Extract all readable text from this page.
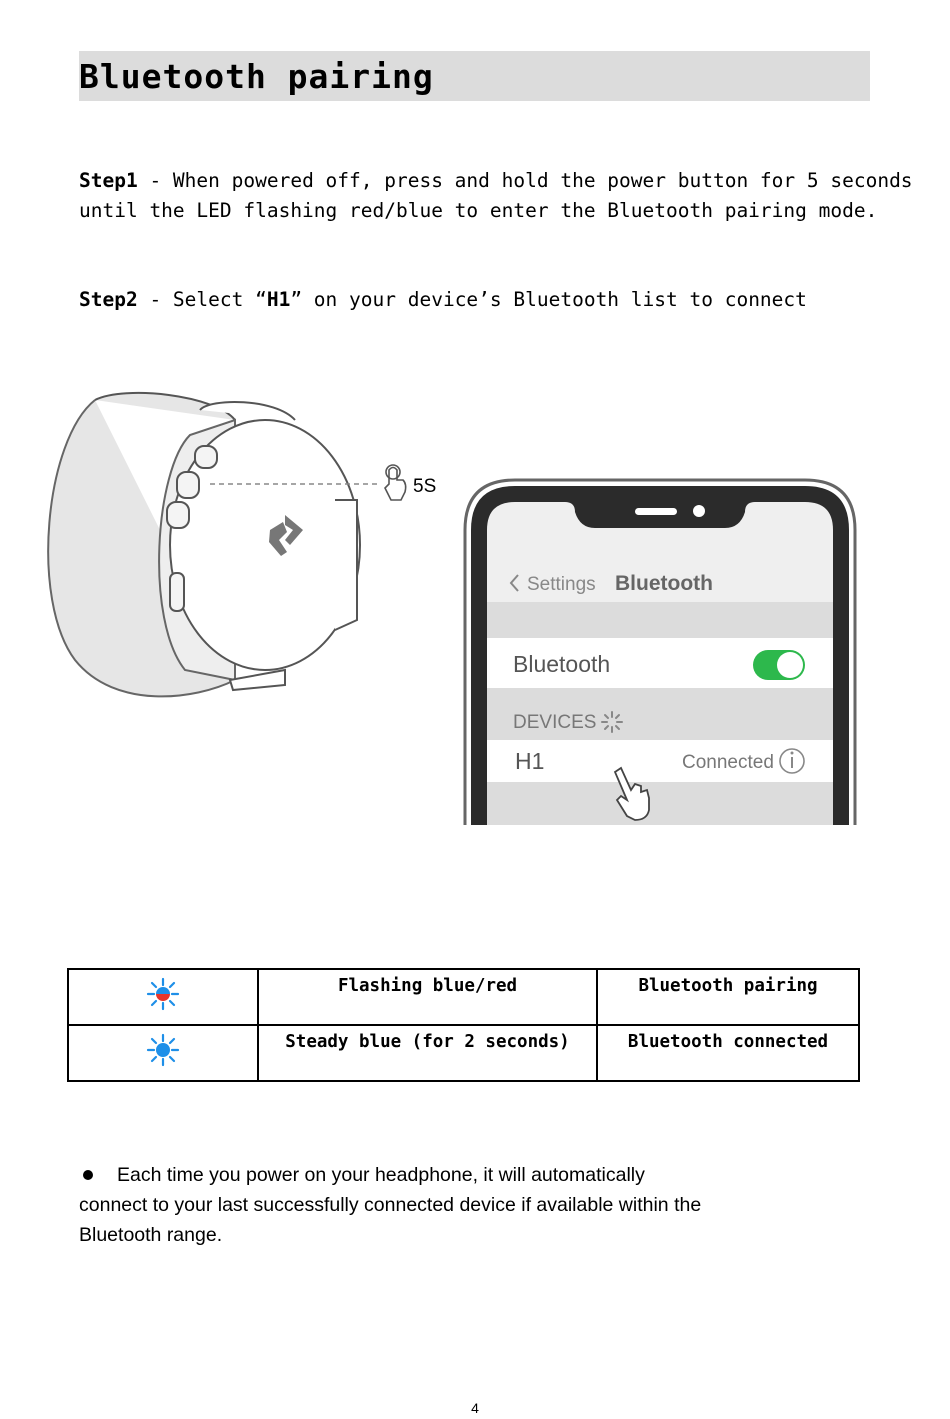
Bluetooth pairing
Step1 - When powered off, press and hold the power button for 5 seconds
until the LED flashing red/blue to enter the Bluetooth pairing mode.
Step2 - Select “H1” on your device’s Bluetooth list to connect
5S
Settings Bluetooth
Bluetooth
DEVICES
H1	Connected
	Flashing blue/red	Bluetooth pairing
	Steady blue (for 2 seconds)	Bluetooth connected
Each time you power on your headphone, it will automatically
connect to your last successfully connected device if available within the
Bluetooth range.
4
